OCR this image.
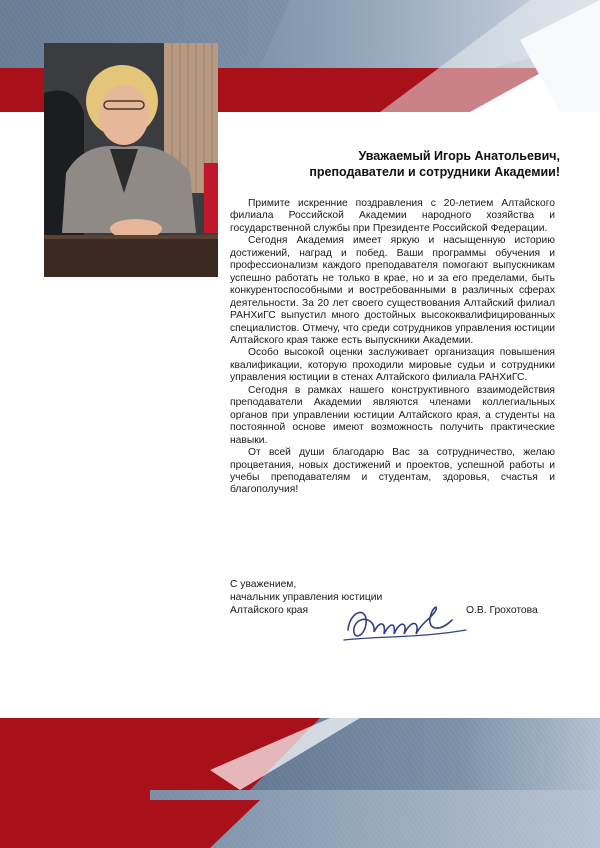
Уважаемый Игорь Анатольевич,
преподаватели и сотрудники Академии!

Примите искренние поздравления с 20-летием Алтайского филиала Российской Академии народного хозяйства и государственной службы при Президенте Российской Федерации.

Сегодня Академия имеет яркую и насыщенную историю достижений, наград и побед. Ваши программы обучения и профессионализм каждого преподавателя помогают выпускникам успешно работать не только в крае, но и за его пределами, быть конкурентоспособными и востребованными в различных сферах деятельности. За 20 лет своего существования Алтайский филиал РАНХиГС выпустил много достойных высококвалифицированных специалистов. Отмечу, что среди сотрудников управления юстиции Алтайского края также есть выпускники Академии.

Особо высокой оценки заслуживает организация повышения квалификации, которую проходили мировые судьи и сотрудники управления юстиции в стенах Алтайского филиала РАНХиГС.

Сегодня в рамках нашего конструктивного взаимодействия преподаватели Академии являются членами коллегиальных органов при управлении юстиции Алтайского края, а студенты на постоянной основе имеют возможность получить практические навыки.

От всей души благодарю Вас за сотрудничество, желаю процветания, новых достижений и проектов, успешной работы и учебы преподавателям и студентам, здоровья, счастья и благополучия!

С уважением,
начальник управления юстиции
Алтайского края	О.В. Грохотова
